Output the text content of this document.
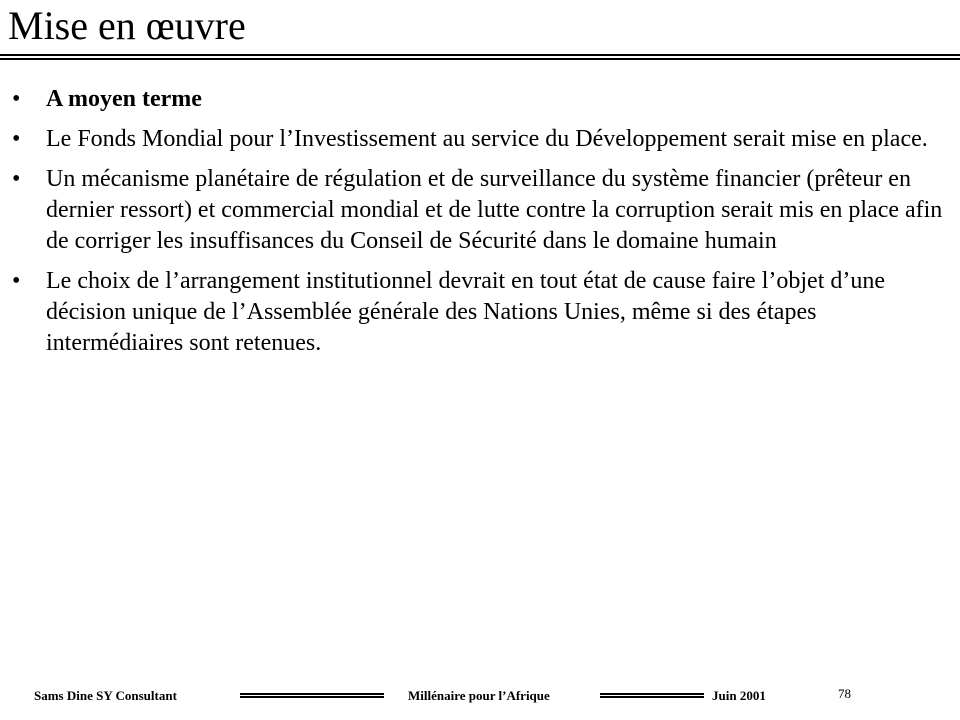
Mise en œuvre
• A moyen terme
• Le Fonds Mondial pour l’Investissement au service du Développement serait mise en place.
• Un mécanisme planétaire de régulation et de surveillance du système financier (prêteur en dernier ressort) et commercial mondial et de lutte contre la corruption serait mis en place afin de corriger les insuffisances du Conseil de Sécurité dans le domaine humain
• Le choix de l’arrangement institutionnel devrait en tout état de cause faire l’objet d’une décision unique de l’Assemblée générale des Nations Unies, même si des étapes intermédiaires sont retenues.
Sams Dine SY Consultant	Millénaire pour l’Afrique	Juin 2001	78
